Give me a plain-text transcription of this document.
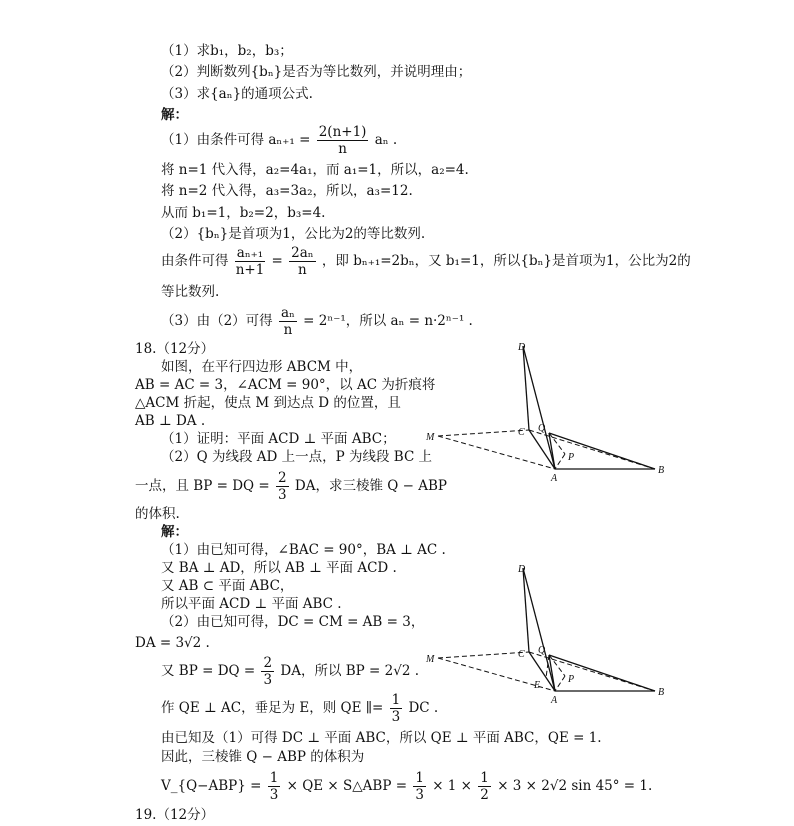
（1）求b₁，b₂，b₃；
（2）判断数列{bₙ}是否为等比数列，并说明理由；
（3）求{aₙ}的通项公式.
解：
（1）由条件可得 $a_{n+1} = \frac{2(n+1)}{n}$ aₙ .
将 n=1 代入得，a₂=4a₁，而 a₁=1，所以，a₂=4.
将 n=2 代入得，a₃=3a₂，所以，a₃=12.
从而 b₁=1，b₂=2，b₃=4.
（2）{bₙ}是首项为1，公比为2的等比数列.
由条件可得 $\frac{\text{aₙ₊₁}}{n+1} = \frac{\text{2aₙ}}{n}$ ，即 bₙ₊₁=2bₙ，又 b₁=1，所以{bₙ}是首项为1，公比为2的
等比数列.
（3）由（2）可得 $\frac{\text{aₙ}}{n} = 2^{n-1}$，所以 aₙ = n·2ⁿ⁻¹ .
18.（12分）
如图，在平行四边形 ABCM 中，
AB = AC = 3，∠ACM = 90°，以 AC 为折痕将
△ACM 折起，使点 M 到达点 D 的位置，且
AB ⊥ DA .
（1）证明：平面 ACD ⊥ 平面 ABC；
（2）Q 为线段 AD 上一点，P 为线段 BC 上
一点，且 BP = DQ = $\frac{2}{3}$ DA，求三棱锥 Q − ABP
的体积.
解：
（1）由已知可得，∠BAC = 90°，BA ⊥ AC .
又 BA ⊥ AD，所以 AB ⊥ 平面 ACD .
又 AB ⊂ 平面 ABC，
所以平面 ACD ⊥ 平面 ABC .
（2）由已知可得，DC = CM = AB = 3，
DA = 3√2 .
又 BP = DQ = $\frac{2}{3}$ DA，所以 BP = 2√2 .
作 QE ⊥ AC，垂足为 E，则 QE ∥= $\frac{1}{3}$ DC .
由已知及（1）可得 DC ⊥ 平面 ABC，所以 QE ⊥ 平面 ABC，QE = 1.
因此，三棱锥 Q − ABP 的体积为
V_{Q−ABP} = $\frac{1}{3}$ × QE × S△ABP = $\frac{1}{3} \times 1 \times \frac{1}{2} \times 3 \times 2√2$ sin 45° = 1.
19.（12分）
D
C Q
M
P
A
B
D
C Q
M
E
P
A
B
